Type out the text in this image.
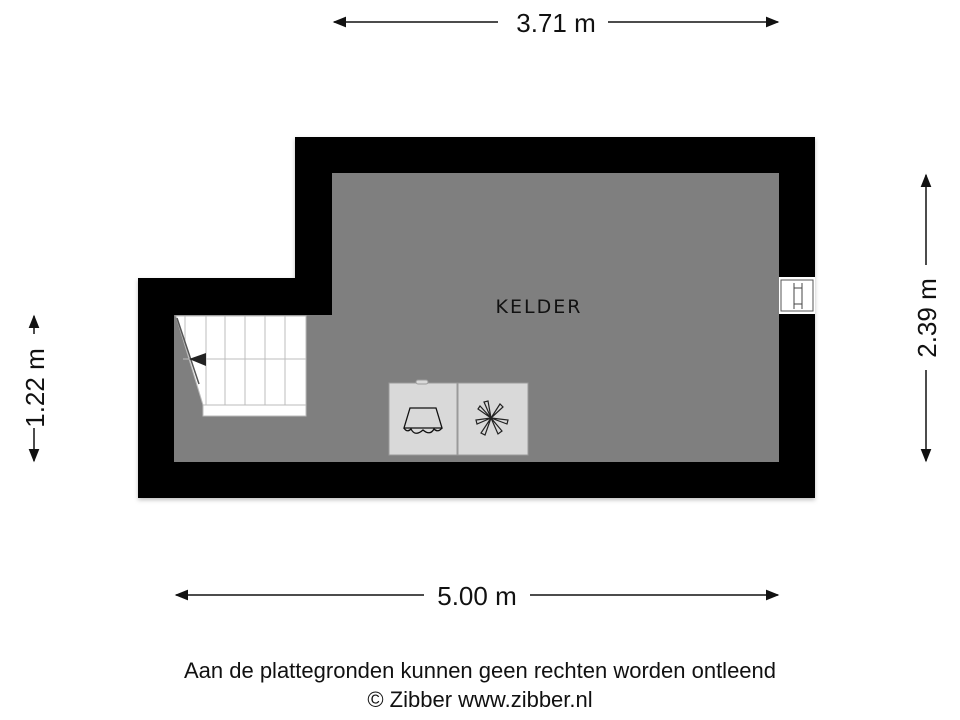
KELDER
3.71 m
5.00 m
1.22 m
2.39 m
Aan de plattegronden kunnen geen rechten worden ontleend
© Zibber www.zibber.nl
